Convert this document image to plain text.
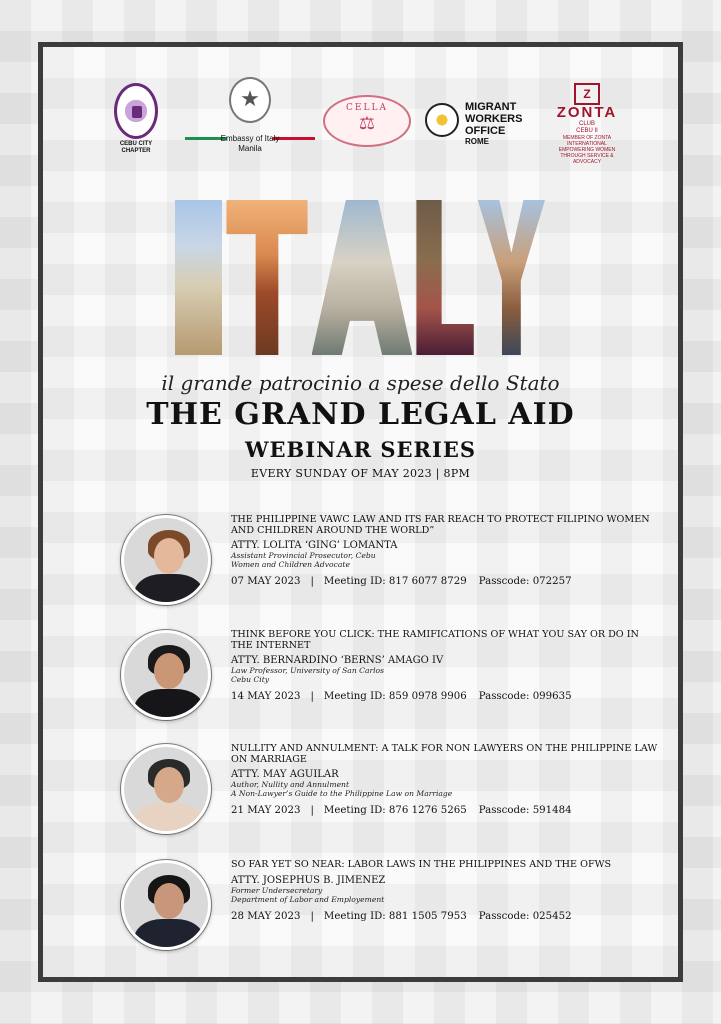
CEBU CITY
CHAPTER
★
Embassy of Italy
Manila
CELLA
⚖
MIGRANT
WORKERS
OFFICE
ROME
Z
ZONTA
CLUB
CEBU II
MEMBER OF ZONTA INTERNATIONAL
EMPOWERING WOMEN
THROUGH SERVICE & ADVOCACY
il grande patrocinio a spese dello Stato
THE GRAND LEGAL AID
WEBINAR SERIES
EVERY SUNDAY OF MAY 2023 | 8PM
THE PHILIPPINE VAWC LAW AND ITS FAR REACH TO PROTECT FILIPINO WOMEN AND CHILDREN AROUND THE WORLD”
ATTY. LOLITA ‘GING’ LOMANTA
Assistant Provincial Prosecutor, Cebu
Women and Children Advocate
07 MAY 2023 | Meeting ID: 817 6077 8729 Passcode: 072257
THINK BEFORE YOU CLICK: THE RAMIFICATIONS OF WHAT YOU SAY OR DO IN THE INTERNET
ATTY. BERNARDINO ‘BERNS’ AMAGO IV
Law Professor, University of San Carlos
Cebu City
14 MAY 2023 | Meeting ID: 859 0978 9906 Passcode: 099635
NULLITY AND ANNULMENT: A TALK FOR NON LAWYERS ON THE PHILIPPINE LAW ON MARRIAGE
ATTY. MAY AGUILAR
Author, Nullity and Annulment
A Non-Lawyer’s Guide to the Philippine Law on Marriage
21 MAY 2023 | Meeting ID: 876 1276 5265 Passcode: 591484
SO FAR YET SO NEAR: LABOR LAWS IN THE PHILIPPINES AND THE OFWS
ATTY. JOSEPHUS B. JIMENEZ
Former Undersecretary
Department of Labor and Employement
28 MAY 2023 | Meeting ID: 881 1505 7953 Passcode: 025452
